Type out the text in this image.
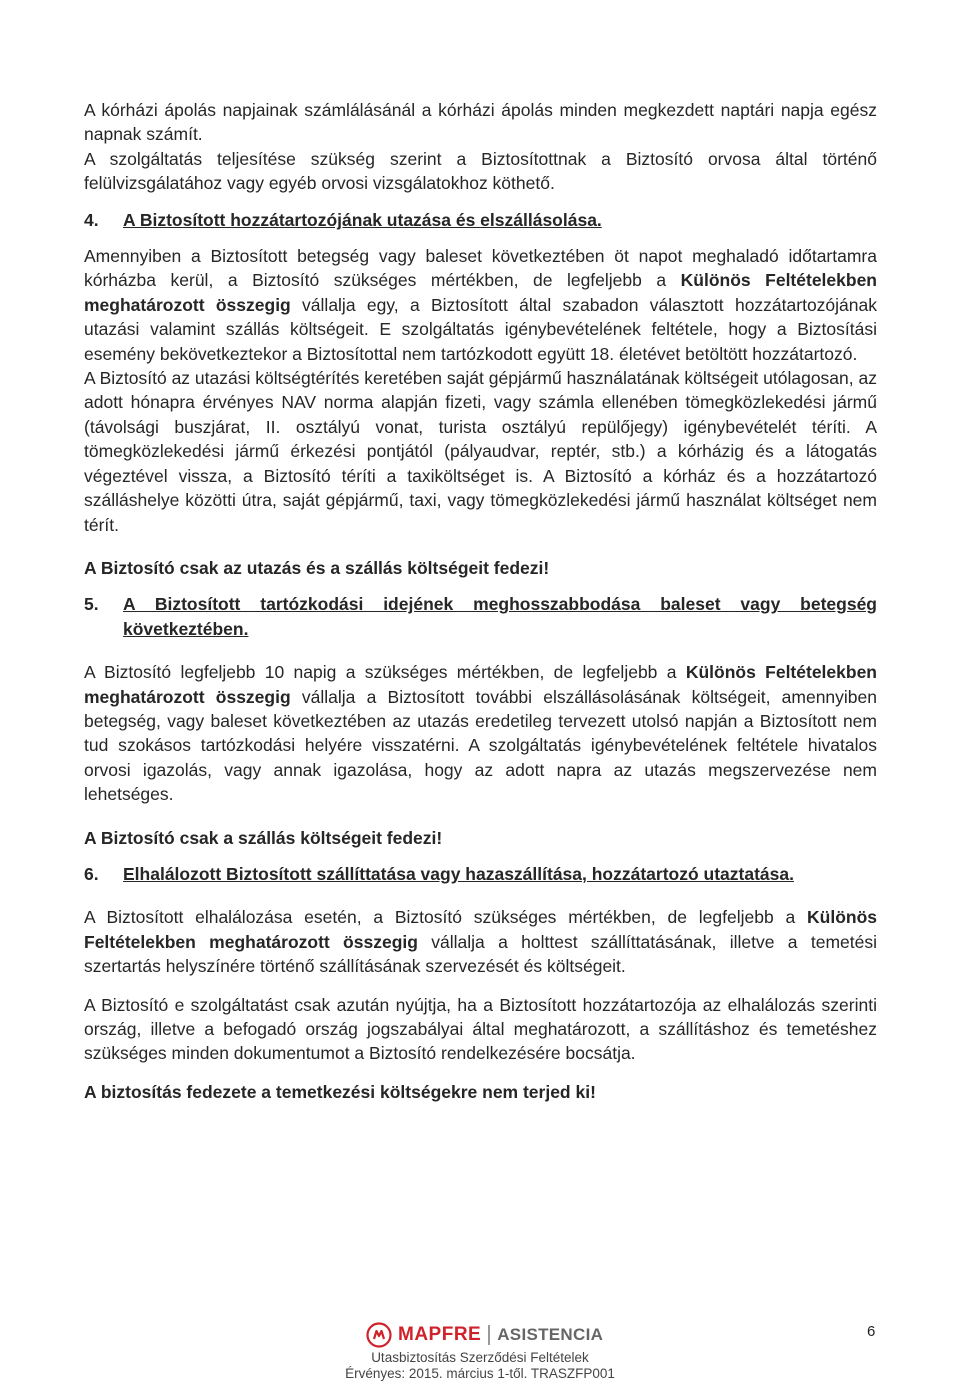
A kórházi ápolás napjainak számlálásánál a kórházi ápolás minden megkezdett naptári napja egész napnak számít.

A szolgáltatás teljesítése szükség szerint a Biztosítottnak a Biztosító orvosa által történő felülvizsgálatához vagy egyéb orvosi vizsgálatokhoz köthető.

4.	A Biztosított hozzátartozójának utazása és elszállásolása.

Amennyiben a Biztosított betegség vagy baleset következtében öt napot meghaladó időtartamra kórházba kerül, a Biztosító szükséges mértékben, de legfeljebb a Különös Feltételekben meghatározott összegig vállalja egy, a Biztosított által szabadon választott hozzátartozójának utazási valamint szállás költségeit. E szolgáltatás igénybevételének feltétele, hogy a Biztosítási esemény bekövetkeztekor a Biztosítottal nem tartózkodott együtt 18. életévet betöltött hozzátartozó.

A Biztosító az utazási költségtérítés keretében saját gépjármű használatának költségeit utólagosan, az adott hónapra érvényes NAV norma alapján fizeti, vagy számla ellenében tömegközlekedési jármű (távolsági buszjárat, II. osztályú vonat, turista osztályú repülőjegy) igénybevételét téríti. A tömegközlekedési jármű érkezési pontjától (pályaudvar, reptér, stb.) a kórházig és a látogatás végeztével vissza, a Biztosító téríti a taxiköltséget is. A Biztosító a kórház és a hozzátartozó szálláshelye közötti útra, saját gépjármű, taxi, vagy tömegközlekedési jármű használat költséget nem térít.

A Biztosító csak az utazás és a szállás költségeit fedezi!

5.	A Biztosított tartózkodási idejének meghosszabbodása baleset vagy betegség következtében.

A Biztosító legfeljebb 10 napig a szükséges mértékben, de legfeljebb a Különös Feltételekben meghatározott összegig vállalja a Biztosított további elszállásolásának költségeit, amennyiben betegség, vagy baleset következtében az utazás eredetileg tervezett utolsó napján a Biztosított nem tud szokásos tartózkodási helyére visszatérni. A szolgáltatás igénybevételének feltétele hivatalos orvosi igazolás, vagy annak igazolása, hogy az adott napra az utazás megszervezése nem lehetséges.

A Biztosító csak a szállás költségeit fedezi!

6.	Elhalálozott Biztosított szállíttatása vagy hazaszállítása, hozzátartozó utaztatása.

A Biztosított elhalálozása esetén, a Biztosító szükséges mértékben, de legfeljebb a Különös Feltételekben meghatározott összegig vállalja a holttest szállíttatásának, illetve a temetési szertartás helyszínére történő szállításának szervezését és költségeit.

A Biztosító e szolgáltatást csak azután nyújtja, ha a Biztosított hozzátartozója az elhalálozás szerinti ország, illetve a befogadó ország jogszabályai által meghatározott, a szállításhoz és temetéshez szükséges minden dokumentumot a Biztosító rendelkezésére bocsátja.

A biztosítás fedezete a temetkezési költségekre nem terjed ki!

MAPFRE ASISTENCIA
Utasbiztosítás Szerződési Feltételek
Érvényes: 2015. március 1-től. TRASZFP001
6
